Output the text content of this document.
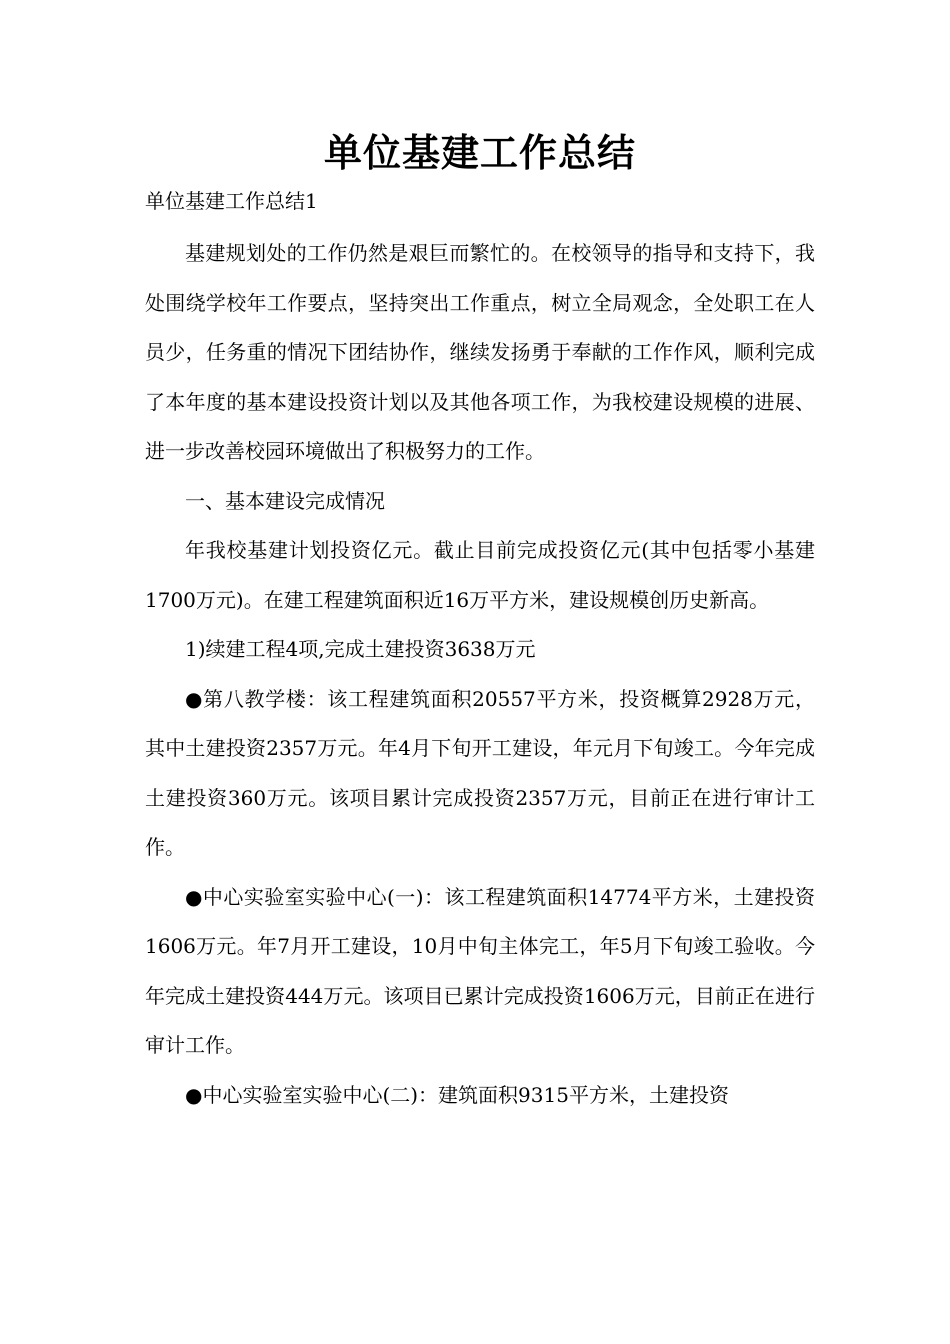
单位基建工作总结

单位基建工作总结1

基建规划处的工作仍然是艰巨而繁忙的。在校领导的指导和支持下，我处围绕学校年工作要点，坚持突出工作重点，树立全局观念，全处职工在人员少，任务重的情况下团结协作，继续发扬勇于奉献的工作作风，顺利完成了本年度的基本建设投资计划以及其他各项工作，为我校建设规模的进展、进一步改善校园环境做出了积极努力的工作。

一、基本建设完成情况

年我校基建计划投资亿元。截止目前完成投资亿元(其中包括零小基建1700万元)。在建工程建筑面积近16万平方米，建设规模创历史新高。

1)续建工程4项,完成土建投资3638万元

●第八教学楼：该工程建筑面积20557平方米，投资概算2928万元，其中土建投资2357万元。年4月下旬开工建设，年元月下旬竣工。今年完成土建投资360万元。该项目累计完成投资2357万元，目前正在进行审计工作。

●中心实验室实验中心(一)：该工程建筑面积14774平方米，土建投资1606万元。年7月开工建设，10月中旬主体完工，年5月下旬竣工验收。今年完成土建投资444万元。该项目已累计完成投资1606万元，目前正在进行审计工作。

●中心实验室实验中心(二)：建筑面积9315平方米，土建投资
